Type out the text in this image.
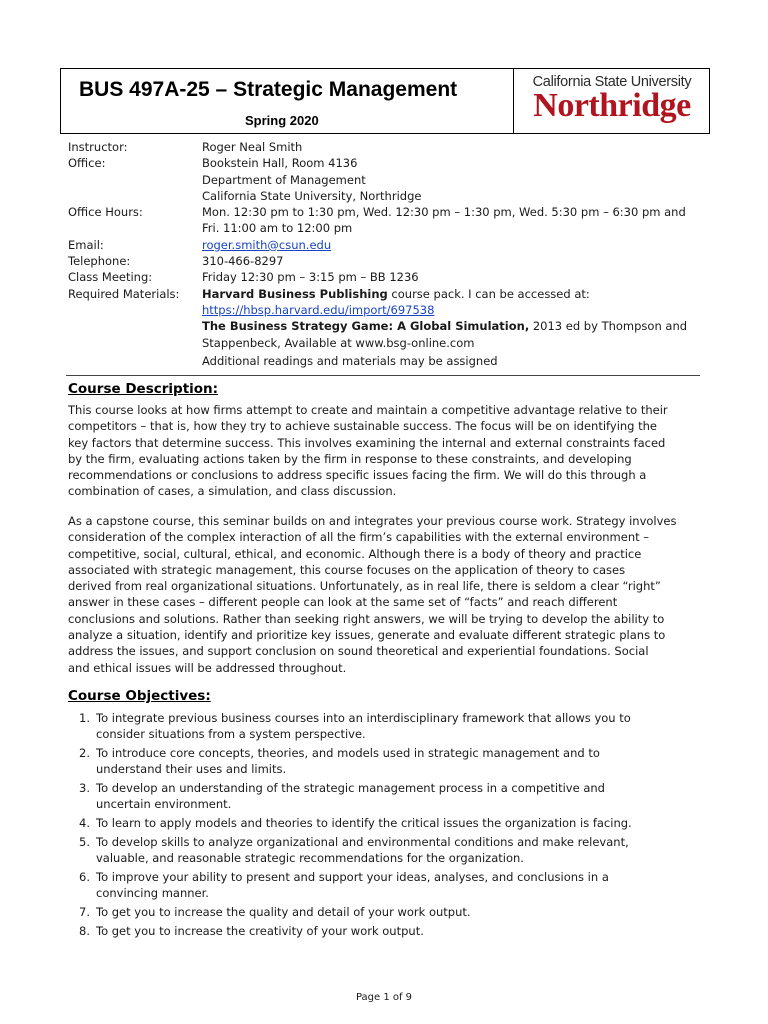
BUS 497A-25 – Strategic Management
Spring 2020
California State University
Northridge
Instructor:	Roger Neal Smith
Office:	Bookstein Hall, Room 4136
Department of Management
California State University, Northridge
Office Hours:	Mon. 12:30 pm to 1:30 pm, Wed. 12:30 pm – 1:30 pm, Wed. 5:30 pm – 6:30 pm and
Fri. 11:00 am to 12:00 pm
Email:	roger.smith@csun.edu
Telephone:	310-466-8297
Class Meeting:	Friday 12:30 pm – 3:15 pm – BB 1236
Required Materials:	Harvard Business Publishing course pack. I can be accessed at:
https://hbsp.harvard.edu/import/697538
The Business Strategy Game: A Global Simulation, 2013 ed by Thompson and
Stappenbeck, Available at www.bsg-online.com
Additional readings and materials may be assigned
Course Description:
This course looks at how firms attempt to create and maintain a competitive advantage relative to their
competitors – that is, how they try to achieve sustainable success. The focus will be on identifying the
key factors that determine success. This involves examining the internal and external constraints faced
by the firm, evaluating actions taken by the firm in response to these constraints, and developing
recommendations or conclusions to address specific issues facing the firm. We will do this through a
combination of cases, a simulation, and class discussion.
As a capstone course, this seminar builds on and integrates your previous course work. Strategy involves
consideration of the complex interaction of all the firm’s capabilities with the external environment –
competitive, social, cultural, ethical, and economic. Although there is a body of theory and practice
associated with strategic management, this course focuses on the application of theory to cases
derived from real organizational situations. Unfortunately, as in real life, there is seldom a clear “right”
answer in these cases – different people can look at the same set of “facts” and reach different
conclusions and solutions. Rather than seeking right answers, we will be trying to develop the ability to
analyze a situation, identify and prioritize key issues, generate and evaluate different strategic plans to
address the issues, and support conclusion on sound theoretical and experiential foundations. Social
and ethical issues will be addressed throughout.
Course Objectives:
1. To integrate previous business courses into an interdisciplinary framework that allows you to
consider situations from a system perspective.
2. To introduce core concepts, theories, and models used in strategic management and to
understand their uses and limits.
3. To develop an understanding of the strategic management process in a competitive and
uncertain environment.
4. To learn to apply models and theories to identify the critical issues the organization is facing.
5. To develop skills to analyze organizational and environmental conditions and make relevant,
valuable, and reasonable strategic recommendations for the organization.
6. To improve your ability to present and support your ideas, analyses, and conclusions in a
convincing manner.
7. To get you to increase the quality and detail of your work output.
8. To get you to increase the creativity of your work output.
Page 1 of 9
